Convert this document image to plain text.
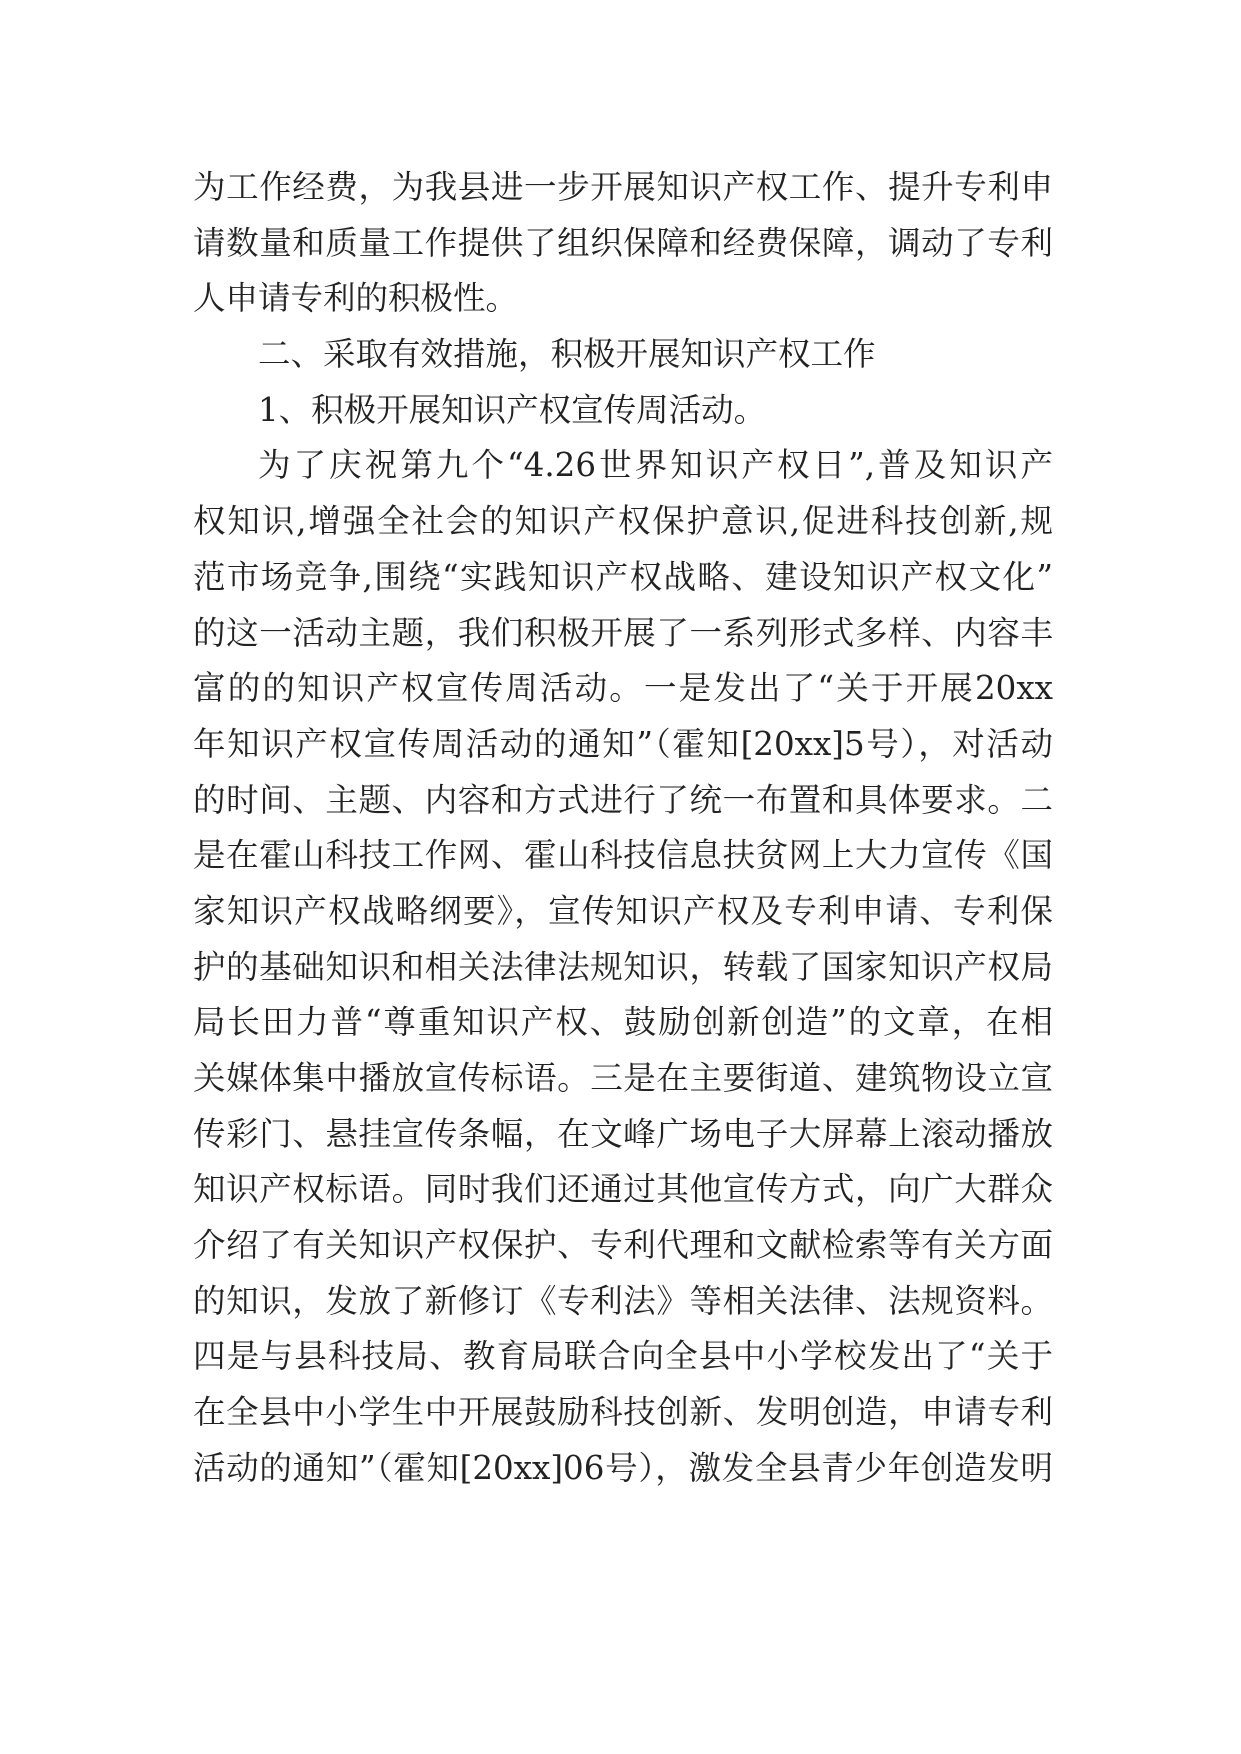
为工作经费，为我县进一步开展知识产权工作、提升专利申
请数量和质量工作提供了组织保障和经费保障，调动了专利
人申请专利的积极性。
二、采取有效措施，积极开展知识产权工作
1、积极开展知识产权宣传周活动。
为了庆祝第九个“4.26世界知识产权日”,普及知识产
权知识,增强全社会的知识产权保护意识,促进科技创新,规
范市场竞争,围绕“实践知识产权战略、建设知识产权文化”
的这一活动主题，我们积极开展了一系列形式多样、内容丰
富的的知识产权宣传周活动。一是发出了“关于开展20xx
年知识产权宣传周活动的通知”（霍知[20xx]5号），对活动
的时间、主题、内容和方式进行了统一布置和具体要求。二
是在霍山科技工作网、霍山科技信息扶贫网上大力宣传《国
家知识产权战略纲要》，宣传知识产权及专利申请、专利保
护的基础知识和相关法律法规知识，转载了国家知识产权局
局长田力普“尊重知识产权、鼓励创新创造”的文章，在相
关媒体集中播放宣传标语。三是在主要街道、建筑物设立宣
传彩门、悬挂宣传条幅，在文峰广场电子大屏幕上滚动播放
知识产权标语。同时我们还通过其他宣传方式，向广大群众
介绍了有关知识产权保护、专利代理和文献检索等有关方面
的知识，发放了新修订《专利法》等相关法律、法规资料。
四是与县科技局、教育局联合向全县中小学校发出了“关于
在全县中小学生中开展鼓励科技创新、发明创造，申请专利
活动的通知”（霍知[20xx]06号），激发全县青少年创造发明
